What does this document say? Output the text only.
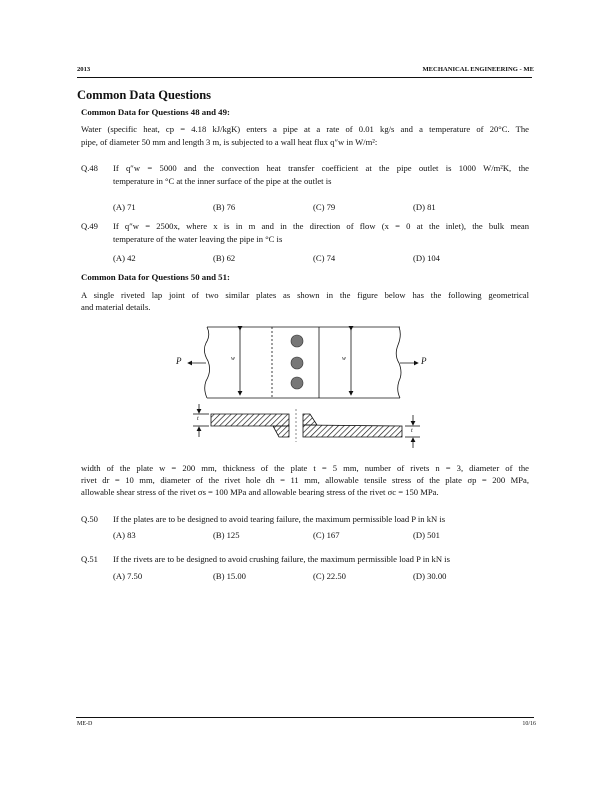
2013	MECHANICAL ENGINEERING - ME
Common Data Questions
Common Data for Questions 48 and 49:
Water (specific heat, cp = 4.18 kJ/kgK) enters a pipe at a rate of 0.01 kg/s and a temperature of 20°C. The
pipe, of diameter 50 mm and length 3 m, is subjected to a wall heat flux q″w in W/m²:
Q.48 If q″w = 5000 and the convection heat transfer coefficient at the pipe outlet is 1000 W/m²K, the
temperature in °C at the inner surface of the pipe at the outlet is
(A) 71	(B) 76	(C) 79	(D) 81
Q.49 If q″w = 2500x, where x is in m and in the direction of flow (x = 0 at the inlet), the bulk mean
temperature of the water leaving the pipe in °C is
(A) 42	(B) 62	(C) 74	(D) 104
Common Data for Questions 50 and 51:
A single riveted lap joint of two similar plates as shown in the figure below has the following geometrical
and material details.
P	P
w	w
t
t
width of the plate w = 200 mm, thickness of the plate t = 5 mm, number of rivets n = 3, diameter of the
rivet dr = 10 mm, diameter of the rivet hole dh = 11 mm, allowable tensile stress of the plate σp = 200 MPa,
allowable shear stress of the rivet σs = 100 MPa and allowable bearing stress of the rivet σc = 150 MPa.
Q.50 If the plates are to be designed to avoid tearing failure, the maximum permissible load P in kN is
(A) 83	(B) 125	(C) 167	(D) 501
Q.51 If the rivets are to be designed to avoid crushing failure, the maximum permissible load P in kN is
(A) 7.50	(B) 15.00	(C) 22.50	(D) 30.00
ME-D	10/16
